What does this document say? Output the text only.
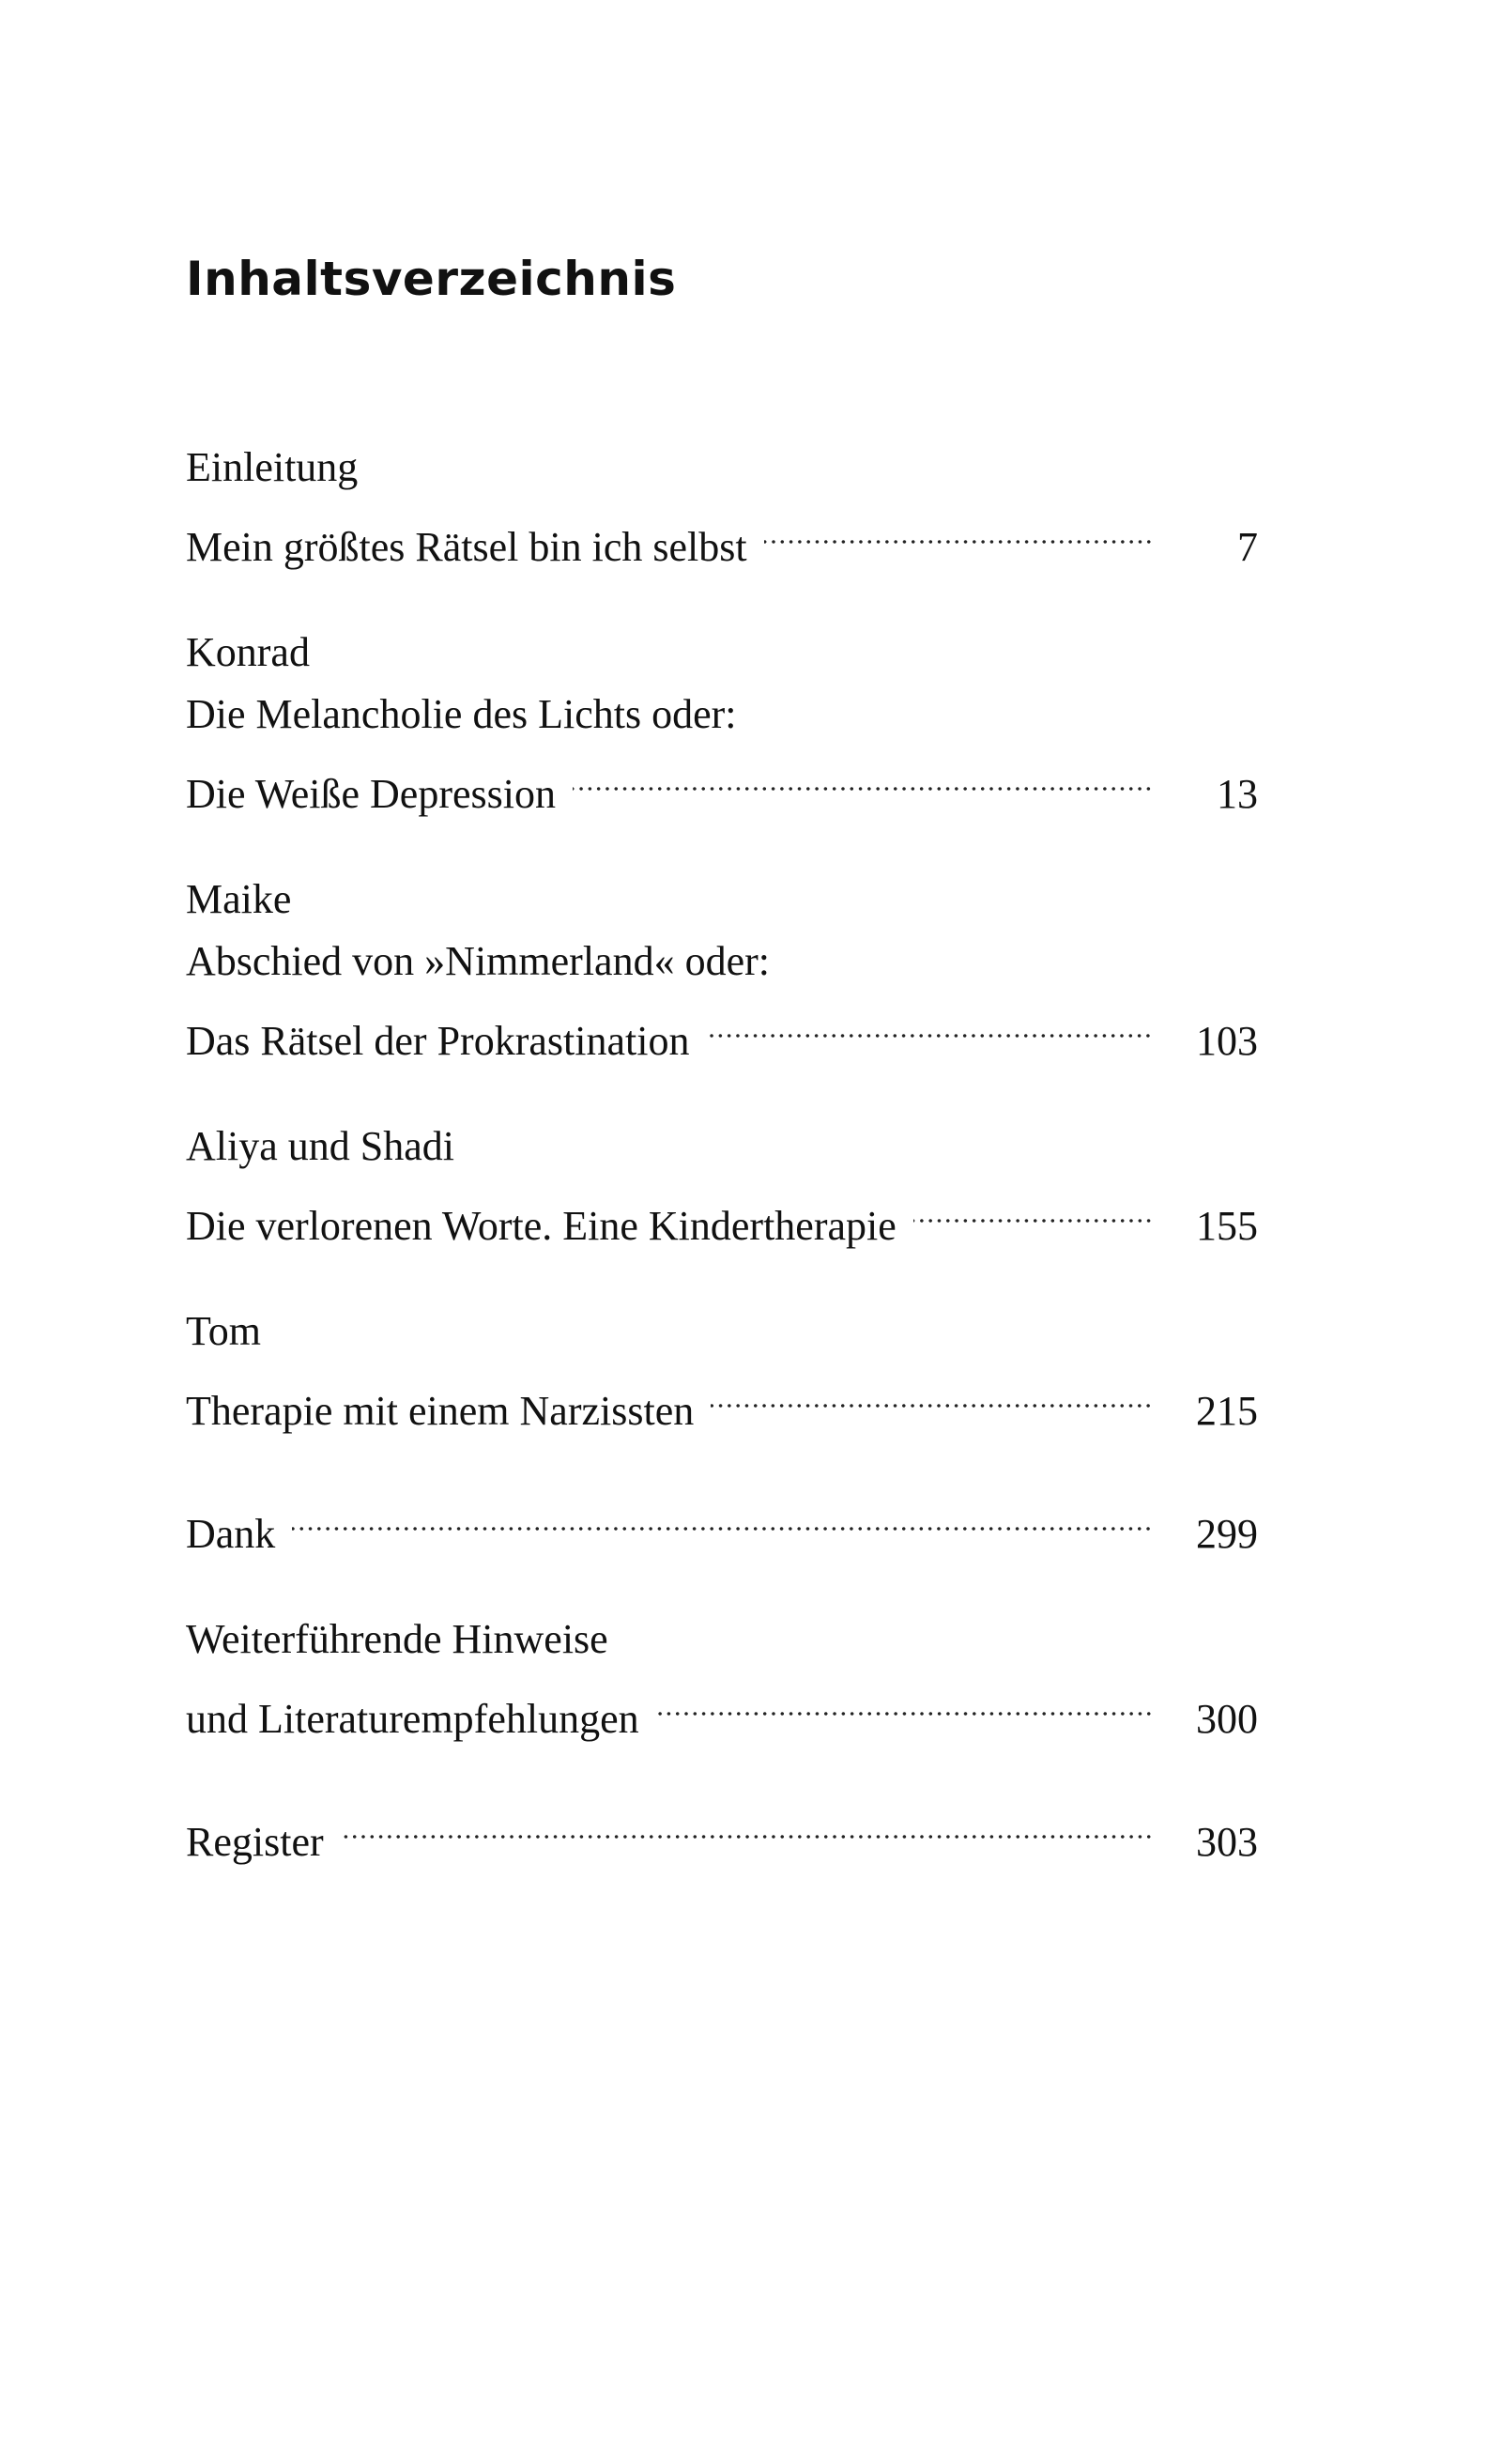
Inhaltsverzeichnis
Einleitung
Mein größtes Rätsel bin ich selbst	7
Konrad
Die Melancholie des Lichts oder:
Die Weiße Depression	13
Maike
Abschied von »Nimmerland« oder:
Das Rätsel der Prokrastination	103
Aliya und Shadi
Die verlorenen Worte. Eine Kindertherapie	155
Tom
Therapie mit einem Narzissten	215
Dank	299
Weiterführende Hinweise
und Literaturempfehlungen	300
Register	303
